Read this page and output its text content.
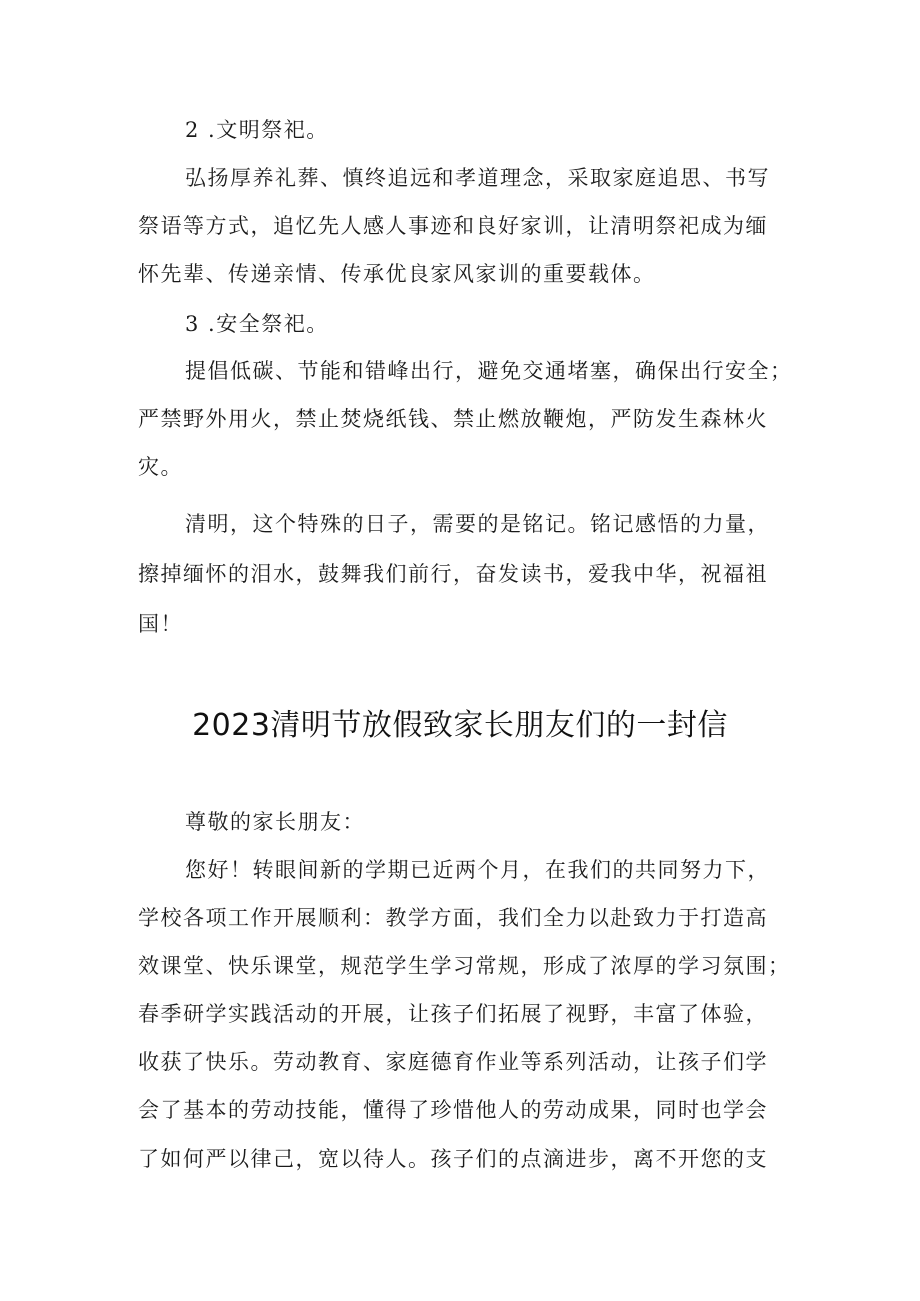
2 .文明祭祀。
弘扬厚养礼葬、慎终追远和孝道理念，采取家庭追思、书写
祭语等方式，追忆先人感人事迹和良好家训，让清明祭祀成为缅
怀先辈、传递亲情、传承优良家风家训的重要载体。
3 .安全祭祀。
提倡低碳、节能和错峰出行，避免交通堵塞，确保出行安全；
严禁野外用火，禁止焚烧纸钱、禁止燃放鞭炮，严防发生森林火
灾。
清明，这个特殊的日子，需要的是铭记。铭记感悟的力量，
擦掉缅怀的泪水，鼓舞我们前行，奋发读书，爱我中华，祝福祖
国！
2023清明节放假致家长朋友们的一封信
尊敬的家长朋友：
您好！转眼间新的学期已近两个月，在我们的共同努力下，
学校各项工作开展顺利：教学方面，我们全力以赴致力于打造高
效课堂、快乐课堂，规范学生学习常规，形成了浓厚的学习氛围；
春季研学实践活动的开展，让孩子们拓展了视野，丰富了体验，
收获了快乐。劳动教育、家庭德育作业等系列活动，让孩子们学
会了基本的劳动技能，懂得了珍惜他人的劳动成果，同时也学会
了如何严以律己，宽以待人。孩子们的点滴进步，离不开您的支
